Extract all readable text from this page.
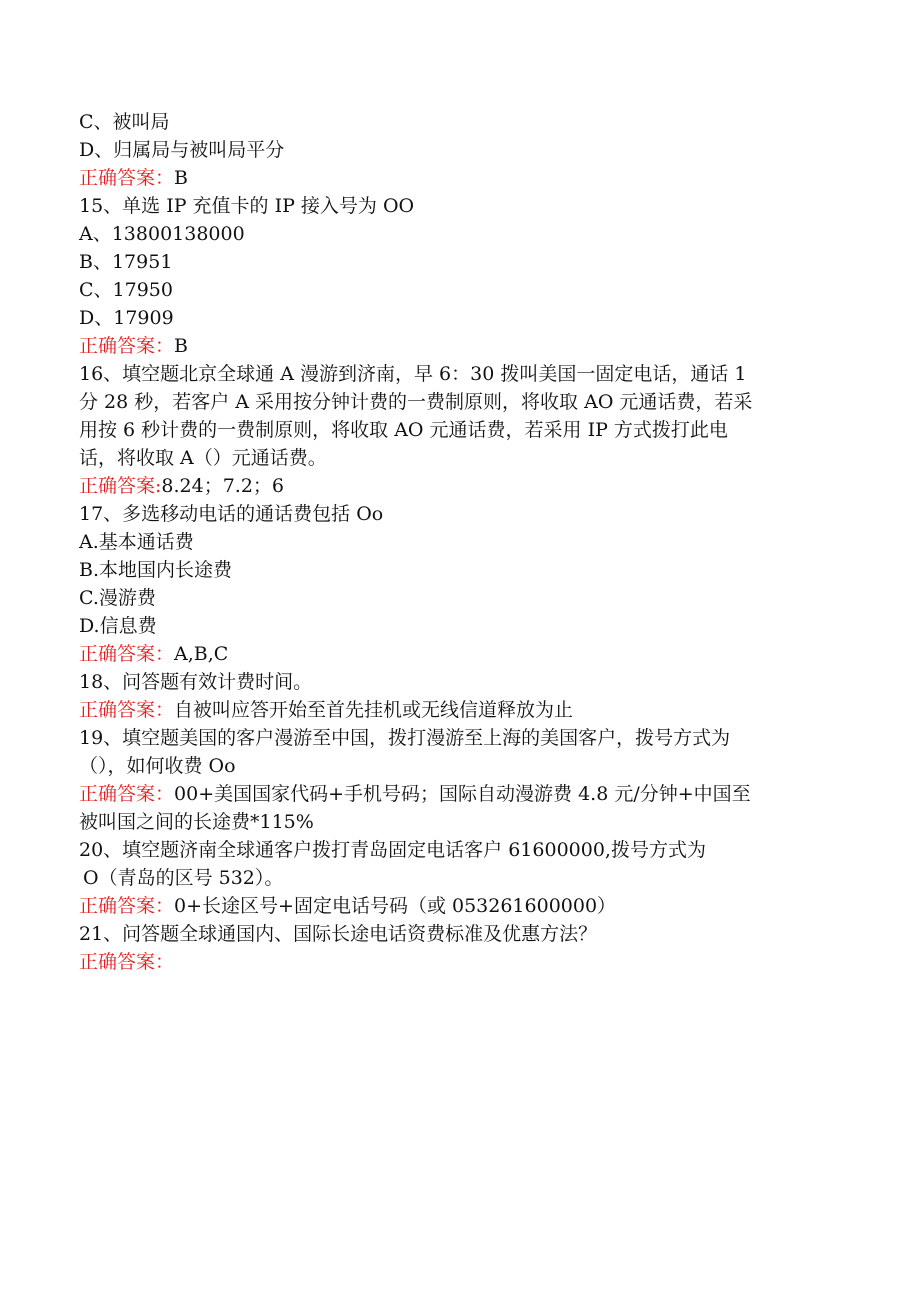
C、被叫局

D、归属局与被叫局平分

正确答案：B

15、单选 IP 充值卡的 IP 接入号为 OO

A、13800138000

B、17951

C、17950

D、17909

正确答案：B

16、填空题北京全球通 A 漫游到济南，早 6：30 拨叫美国一固定电话，通话 1

分 28 秒，若客户 A 采用按分钟计费的一费制原则，将收取 AO 元通话费，若采

用按 6 秒计费的一费制原则，将收取 AO 元通话费，若采用 IP 方式拨打此电

话，将收取 A（）元通话费。

正确答案:8.24；7.2；6

17、多选移动电话的通话费包括 Oo

A.基本通话费

B.本地国内长途费

C.漫游费

D.信息费

正确答案：A,B,C

18、问答题有效计费时间。

正确答案：自被叫应答开始至首先挂机或无线信道释放为止

19、填空题美国的客户漫游至中国，拨打漫游至上海的美国客户，拨号方式为

（），如何收费 Oo

正确答案：00+美国国家代码+手机号码；国际自动漫游费 4.8 元/分钟+中国至

被叫国之间的长途费*115%

20、填空题济南全球通客户拨打青岛固定电话客户 61600000,拨号方式为

O（青岛的区号 532）。

正确答案：0+长途区号+固定电话号码（或 053261600000）

21、问答题全球通国内、国际长途电话资费标准及优惠方法？

正确答案：
